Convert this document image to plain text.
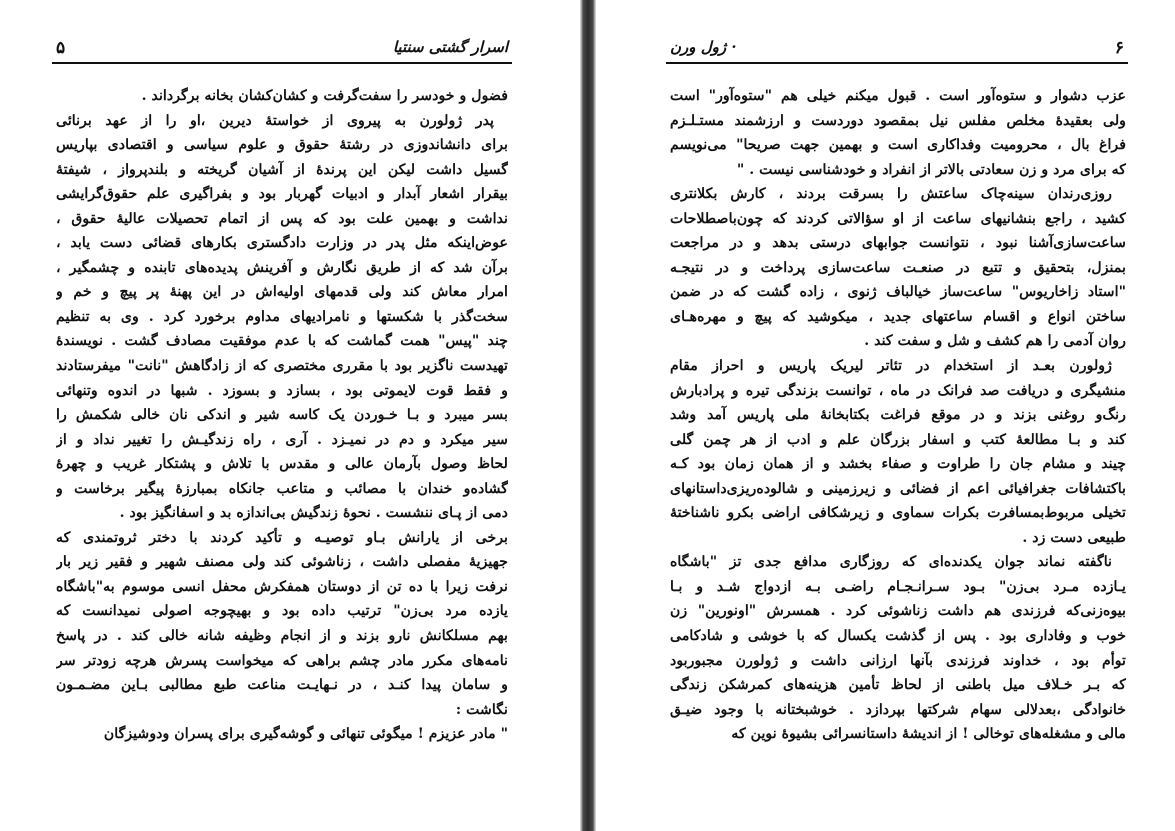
۵	اسرار گشتی سنتیا
فضول و خودسر را سفت‌گرفت و کشان‌کشان بخانه برگرداند .
پدر ژولورن به پیروی از خواسته‌ٔ دیرین ،او را از عهد برنائی
برای دانشاندوزی در رشته‌ٔ حقوق و علوم سیاسی و اقتصادی بپاریس
گسیل داشت لیکن این پرنده‌ٔ از آشیان گریخته و بلندپرواز ، شیفته‌ٔ
بیقرار اشعار آبدار و ادبیات گهربار بود و بفراگیری علم حقوق‌گرایشی
نداشت و بهمین علت بود که پس از اتمام تحصیلات عالیه‌ٔ حقوق ،
عوض‌اینکه مثل پدر در وزارت دادگستری بکارهای قضائی دست یابد ،
برآن شد که از طریق نگارش و آفرینش پدیده‌های تابنده و چشمگیر ،
امرار معاش کند ولی قدمهای اولیه‌اش در این پهنه‌ٔ پر پیچ و خم و
سخت‌گذر با شکستها و نامرادیهای مداوم برخورد کرد . وی به تنظیم
چند "پیس" همت گماشت که با عدم موفقیت مصادف گشت . نویسنده‌ٔ
تهیدست ناگزیر بود با مقرری مختصری که از زادگاهش "نانت" میفرستادند
و فقط قوت لایموتی بود ، بسازد و بسوزد . شبها در اندوه وتنهائی
بسر میبرد و بـا خـوردن یک کاسه شیر و اندکی نان خالی شکمش را
سیر میکرد و دم در نمیـزد . آری ، راه زندگیـش را تغییر نداد و از
لحاظ وصول بآرمان عالی و مقدس با تلاش و پشتکار غریب و چهره‌ٔ
گشاده‌و خندان با مصائب و متاعب جانکاه بمبارزه‌ٔ پیگیر برخاست و
دمی از پـای ننشست . نحوه‌ٔ زندگیش بی‌اندازه بد و اسفانگیز بود .
برخی از یارانش بـاو توصیـه و تأکید کردند با دختر ثروتمندی که
جهیزیه‌ٔ مفصلی داشت ، زناشوئی کند ولی مصنف شهیر و فقیر زیر بار
نرفت زیرا با ده تن از دوستان همفکرش محفل انسی موسوم به"باشگاه
یازده مرد بی‌زن" ترتیب داده بود و بهیچوجه اصولی نمیدانست که
بهم مسلکانش نارو بزند و از انجام وظیفه شانه خالی کند . در پاسخ
نامه‌های مکرر مادر چشم براهی که میخواست پسرش هرچه زودتر سر
و سامان پیدا کنـد ، در نـهایـت مناعت طبع مطالبی بـاین مضـمـون
نگاشت :
" مادر عزیزم ! میگوئی تنهائی و گوشه‌گیری برای پسران ودوشیزگان
۶
ژول ورن ·
عزب دشوار و ستوه‌آور است . قبول میکنم خیلی هم "ستوه‌آور" است
ولی بعقیده‌ٔ مخلص مفلس نیل بمقصود دوردست و ارزشمند مستـلـزم
فراغ بال ، محرومیت وفداکاری است و بهمین جهت صریحا" می‌نویسم
که برای مرد و زن سعادتی بالاتر از انفراد و خودشناسی نیست . "
روزی‌رندان سینه‌چاک ساعتش را بسرقت بردند ، کارش بکلانتری
کشید ، راجع بنشانیهای ساعت از او سؤالاتی کردند که چون‌باصطلاحات
ساعت‌سازی‌آشنا نبود ، نتوانست جوابهای درستی بدهد و در مراجعت
بمنزل، بتحقیق و تتبع در صنعـت ساعت‌سازی پرداخت و در نتیجـه
"استاد زاخاریوس" ساعت‌ساز خیالباف ژنوی ، زاده گشت که در ضمن
ساختن انواع و اقسام ساعتهای جدید ، میکوشید که پیچ و مهره‌هـای
روان آدمی را هم کشف و شل و سفت کند .
ژولورن بعـد از استخدام در تئاتر لیریک پاریس و احراز مقام
منشیگری و دریافت صد فرانک در ماه ، توانست بزندگی تیره و پرادبارش
رنگ‌و روغنی بزند و در موقع فراغت بکتابخانه‌ٔ ملی پاریس آمد وشد
کند و بـا مطالعه‌ٔ کتب و اسفار بزرگان علم و ادب از هر چمن گلی
چیند و مشام جان را طراوت و صفاء بخشد و از همان زمان بود کـه
باکتشافات جغرافیائی اعم از فضائی و زیرزمینی و شالوده‌ریزی‌داستانهای
تخیلی مربوط‌بمسافرت بکرات سماوی و زیرشکافی اراضی بکرو ناشناخته‌ٔ
طبیعی دست زد .
ناگفته نماند جوان یکدنده‌ای که روزگاری مدافع جدی تز "باشگاه
یـازده مـرد بی‌زن" بـود سـرانـجـام راضـی بـه ازدواج شـد و بـا
بیوه‌زنی‌که فرزندی هم داشت زناشوئی کرد . همسرش "اونورین" زن
خوب و وفاداری بود . پس از گذشت یکسال که با خوشی و شادکامی
توأم بود ، خداوند فرزندی بآنها ارزانی داشت و ژولورن مجبوربود
که بـر خـلاف میل باطنی از لحاظ تأمین هزینه‌های کمرشکن زندگی
خانوادگی ،بعدلالی سهام شرکتها بپردازد . خوشبختانه با وجود ضیـق
مالی و مشغله‌های توخالی ! از اندیشه‌ٔ داستانسرائی بشیوه‌ٔ نوین که
